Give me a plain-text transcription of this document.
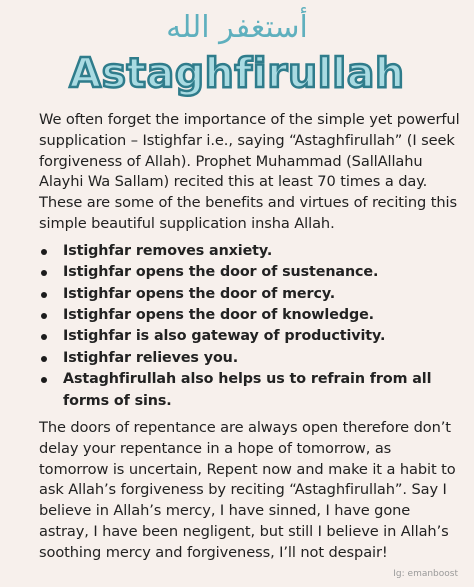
أستغفر الله
Astaghfirullah

We often forget the importance of the simple yet powerful supplication – Istighfar i.e., saying “Astaghfirullah” (I seek forgiveness of Allah). Prophet Muhammad (SallAllahu Alayhi Wa Sallam) recited this at least 70 times a day. These are some of the benefits and virtues of reciting this simple beautiful supplication insha Allah.

Istighfar removes anxiety.
Istighfar opens the door of sustenance.
Istighfar opens the door of mercy.
Istighfar opens the door of knowledge.
Istighfar is also gateway of productivity.
Istighfar relieves you.
Astaghfirullah also helps us to refrain from all forms of sins.

The doors of repentance are always open therefore don’t delay your repentance in a hope of tomorrow, as tomorrow is uncertain, Repent now and make it a habit to ask Allah’s forgiveness by reciting “Astaghfirullah”. Say I believe in Allah’s mercy, I have sinned, I have gone astray, I have been negligent, but still I believe in Allah’s soothing mercy and forgiveness, I’ll not despair!

Ig: emanboost
